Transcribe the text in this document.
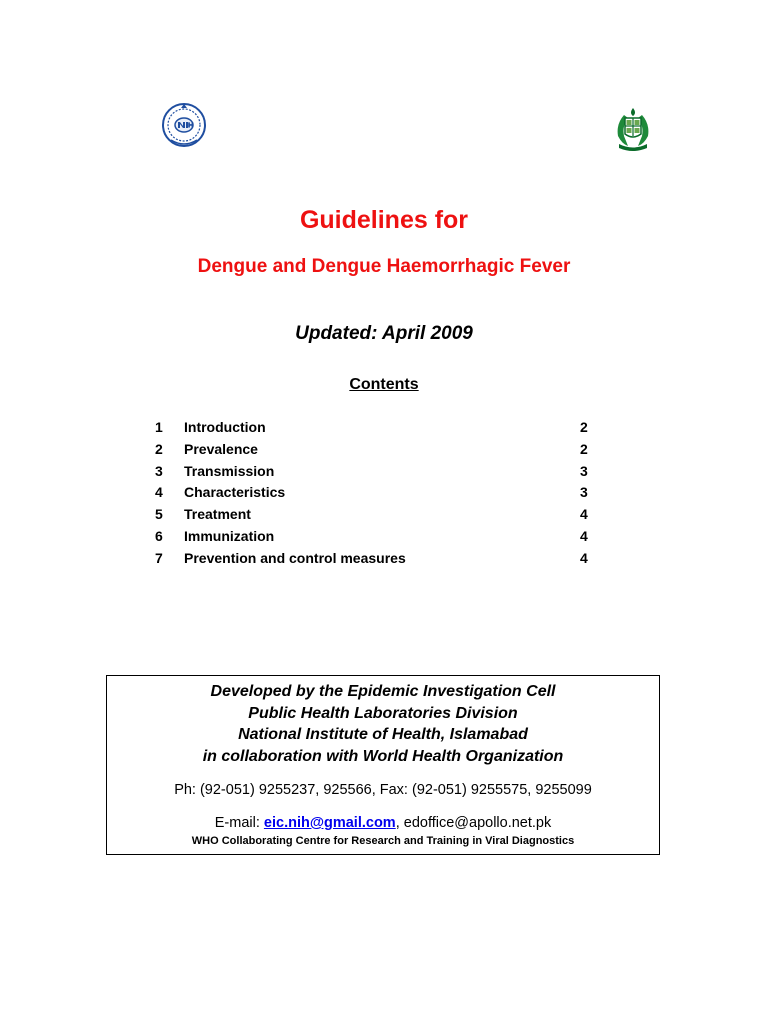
Guidelines for
Dengue and Dengue Haemorrhagic Fever
Updated: April 2009
Contents
1 Introduction	2
2 Prevalence	2
3 Transmission	3
4 Characteristics	3
5 Treatment	4
6 Immunization	4
7 Prevention and control measures	4
Developed by the Epidemic Investigation Cell
Public Health Laboratories Division
National Institute of Health, Islamabad
in collaboration with World Health Organization
Ph: (92-051) 9255237, 925566, Fax: (92-051) 9255575, 9255099
E-mail: eic.nih@gmail.com, edoffice@apollo.net.pk
WHO Collaborating Centre for Research and Training in Viral Diagnostics
